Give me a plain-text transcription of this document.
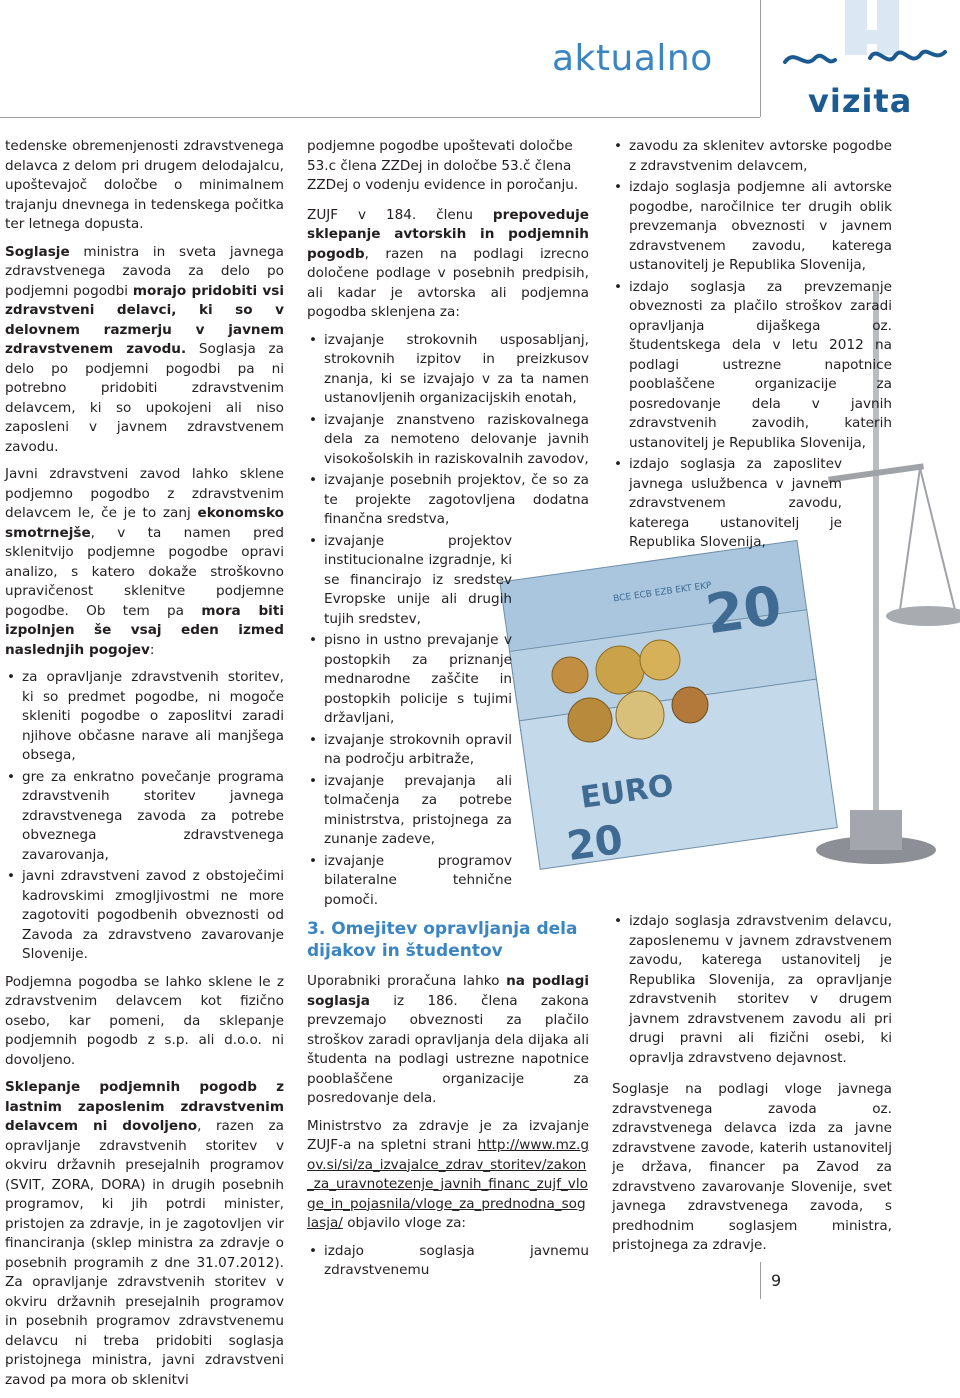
aktualno
vizita
20
EURO
20
BCE ECB EZB EKT EKP

tedenske obremenjenosti zdravstvenega delavca z delom pri drugem delodajalcu, upoštevajoč določbe o minimalnem trajanju dnevnega in tedenskega počitka ter letnega dopusta.

Soglasje ministra in sveta javnega zdravstvenega zavoda za delo po podjemni pogodbi morajo pridobiti vsi zdravstveni delavci, ki so v delovnem razmerju v javnem zdravstvenem zavodu. Soglasja za delo po podjemni pogodbi pa ni potrebno pridobiti zdravstvenim delavcem, ki so upokojeni ali niso zaposleni v javnem zdravstvenem zavodu.

Javni zdravstveni zavod lahko sklene podjemno pogodbo z zdravstvenim delavcem le, če je to zanj ekonomsko smotrnejše, v ta namen pred sklenitvijo podjemne pogodbe opravi analizo, s katero dokaže stroškovno upravičenost sklenitve podjemne pogodbe. Ob tem pa mora biti izpolnjen še vsaj eden izmed naslednjih pogojev:

• za opravljanje zdravstvenih storitev, ki so predmet pogodbe, ni mogoče skleniti pogodbe o zaposlitvi zaradi njihove občasne narave ali manjšega obsega,
• gre za enkratno povečanje programa zdravstvenih storitev javnega zdravstvenega zavoda za potrebe obveznega zdravstvenega zavarovanja,
• javni zdravstveni zavod z obstoječimi kadrovskimi zmogljivostmi ne more zagotoviti pogodbenih obveznosti od Zavoda za zdravstveno zavarovanje Slovenije.

Podjemna pogodba se lahko sklene le z zdravstvenim delavcem kot fizično osebo, kar pomeni, da sklepanje podjemnih pogodb z s.p. ali d.o.o. ni dovoljeno.

Sklepanje podjemnih pogodb z lastnim zaposlenim zdravstvenim delavcem ni dovoljeno, razen za opravljanje zdravstvenih storitev v okviru državnih presejalnih programov (SVIT, ZORA, DORA) in drugih posebnih programov, ki jih potrdi minister, pristojen za zdravje, in je zagotovljen vir financiranja (sklep ministra za zdravje o posebnih programih z dne 31.07.2012). Za opravljanje zdravstvenih storitev v okviru državnih presejalnih programov in posebnih programov zdravstvenemu delavcu ni treba pridobiti soglasja pristojnega ministra, javni zdravstveni zavod pa mora ob sklenitvi

podjemne pogodbe upoštevati določbe 53.c člena ZZDej in določbe 53.č člena ZZDej o vodenju evidence in poročanju.

ZUJF v 184. členu prepoveduje sklepanje avtorskih in podjemnih pogodb, razen na podlagi izrecno določene podlage v posebnih predpisih, ali kadar je avtorska ali podjemna pogodba sklenjena za:

• izvajanje strokovnih usposabljanj, strokovnih izpitov in preizkusov znanja, ki se izvajajo v za ta namen ustanovljenih organizacijskih enotah,
• izvajanje znanstveno raziskovalnega dela za nemoteno delovanje javnih visokošolskih in raziskovalnih zavodov,
• izvajanje posebnih projektov, če so za te projekte zagotovljena dodatna finančna sredstva,
• izvajanje projektov institucionalne izgradnje, ki se financirajo iz sredstev Evropske unije ali drugih tujih sredstev,
• pisno in ustno prevajanje v postopkih za priznanje mednarodne zaščite in postopkih policije s tujimi državljani,
• izvajanje strokovnih opravil na področju arbitraže,
• izvajanje prevajanja ali tolmačenja za potrebe ministrstva, pristojnega za zunanje zadeve,
• izvajanje programov bilateralne tehnične pomoči.
3. Omejitev opravljanja dela dijakov in študentov

Uporabniki proračuna lahko na podlagi soglasja iz 186. člena zakona prevzemajo obveznosti za plačilo stroškov zaradi opravljanja dela dijaka ali študenta na podlagi ustrezne napotnice pooblaščene organizacije za posredovanje dela.

Ministrstvo za zdravje je za izvajanje ZUJF-a na spletni strani http://www.mz.gov.si/si/za_izvajalce_zdrav_storitev/zakon_za_uravnotezenje_javnih_financ_zujf_vloge_in_pojasnila/vloge_za_prednodna_soglasja/ objavilo vloge za:

• izdajo soglasja javnemu zdravstvenemu
• zavodu za sklenitev avtorske pogodbe z zdravstvenim delavcem,
• izdajo soglasja podjemne ali avtorske pogodbe, naročilnice ter drugih oblik prevzemanja obveznosti v javnem zdravstvenem zavodu, katerega ustanovitelj je Republika Slovenija,
• izdajo soglasja za prevzemanje obveznosti za plačilo stroškov zaradi opravljanja dijaškega oz. študentskega dela v letu 2012 na podlagi ustrezne napotnice pooblaščene organizacije za posredovanje dela v javnih zdravstvenih zavodih, katerih ustanovitelj je Republika Slovenija,
• izdajo soglasja za zaposlitev javnega uslužbenca v javnem zdravstvenem zavodu, katerega ustanovitelj je Republika Slovenija,
• izdajo soglasja zdravstvenim delavcu, zaposlenemu v javnem zdravstvenem zavodu, katerega ustanovitelj je Republika Slovenija, za opravljanje zdravstvenih storitev v drugem javnem zdravstvenem zavodu ali pri drugi pravni ali fizični osebi, ki opravlja zdravstveno dejavnost.

Soglasje na podlagi vloge javnega zdravstvenega zavoda oz. zdravstvenega delavca izda za javne zdravstvene zavode, katerih ustanovitelj je država, financer pa Zavod za zdravstveno zavarovanje Slovenije, svet javnega zdravstvenega zavoda, s predhodnim soglasjem ministra, pristojnega za zdravje.

9
